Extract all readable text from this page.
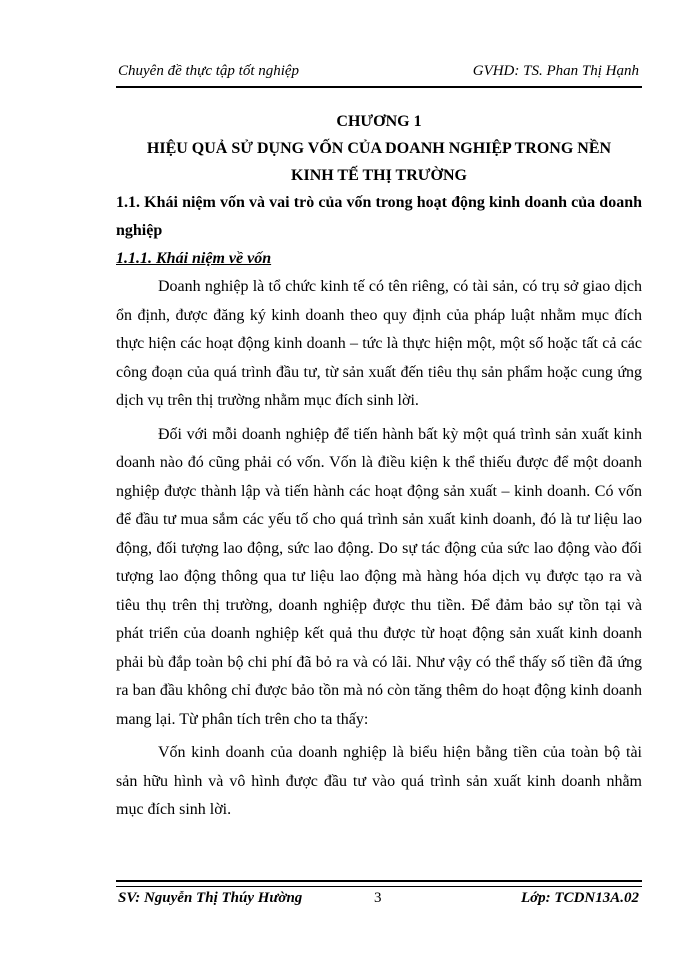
Chuyên đề thực tập tốt nghiệp	GVHD: TS. Phan Thị Hạnh

CHƯƠNG 1

HIỆU QUẢ SỬ DỤNG VỐN CỦA DOANH NGHIỆP TRONG NỀN

KINH TẾ THỊ TRƯỜNG

1.1. Khái niệm vốn và vai trò của vốn trong hoạt động kinh doanh của doanh nghiệp

1.1.1. Khái niệm về vốn

Doanh nghiệp là tổ chức kinh tế có tên riêng, có tài sản, có trụ sở giao dịch ổn định, được đăng ký kinh doanh theo quy định của pháp luật nhằm mục đích thực hiện các hoạt động kinh doanh – tức là thực hiện một, một số hoặc tất cả các công đoạn của quá trình đầu tư, từ sản xuất đến tiêu thụ sản phẩm hoặc cung ứng dịch vụ trên thị trường nhằm mục đích sinh lời.

Đối với mỗi doanh nghiệp để tiến hành bất kỳ một quá trình sản xuất kinh doanh nào đó cũng phải có vốn. Vốn là điều kiện k thể thiếu được để một doanh nghiệp được thành lập và tiến hành các hoạt động sản xuất – kinh doanh. Có vốn để đầu tư mua sắm các yếu tố cho quá trình sản xuất kinh doanh, đó là tư liệu lao động, đối tượng lao động, sức lao động. Do sự tác động của sức lao động vào đối tượng lao động thông qua tư liệu lao động mà hàng hóa dịch vụ được tạo ra và tiêu thụ trên thị trường, doanh nghiệp được thu tiền. Để đảm bảo sự tồn tại và phát triển của doanh nghiệp kết quả thu được từ hoạt động sản xuất kinh doanh phải bù đắp toàn bộ chi phí đã bỏ ra và có lãi. Như vậy có thể thấy số tiền đã ứng ra ban đầu không chỉ được bảo tồn mà nó còn tăng thêm do hoạt động kinh doanh mang lại. Từ phân tích trên cho ta thấy:

Vốn kinh doanh của doanh nghiệp là biểu hiện bằng tiền của toàn bộ tài sản hữu hình và vô hình được đầu tư vào quá trình sản xuất kinh doanh nhằm mục đích sinh lời.

SV: Nguyễn Thị Thúy Hường	3	Lớp: TCDN13A.02
